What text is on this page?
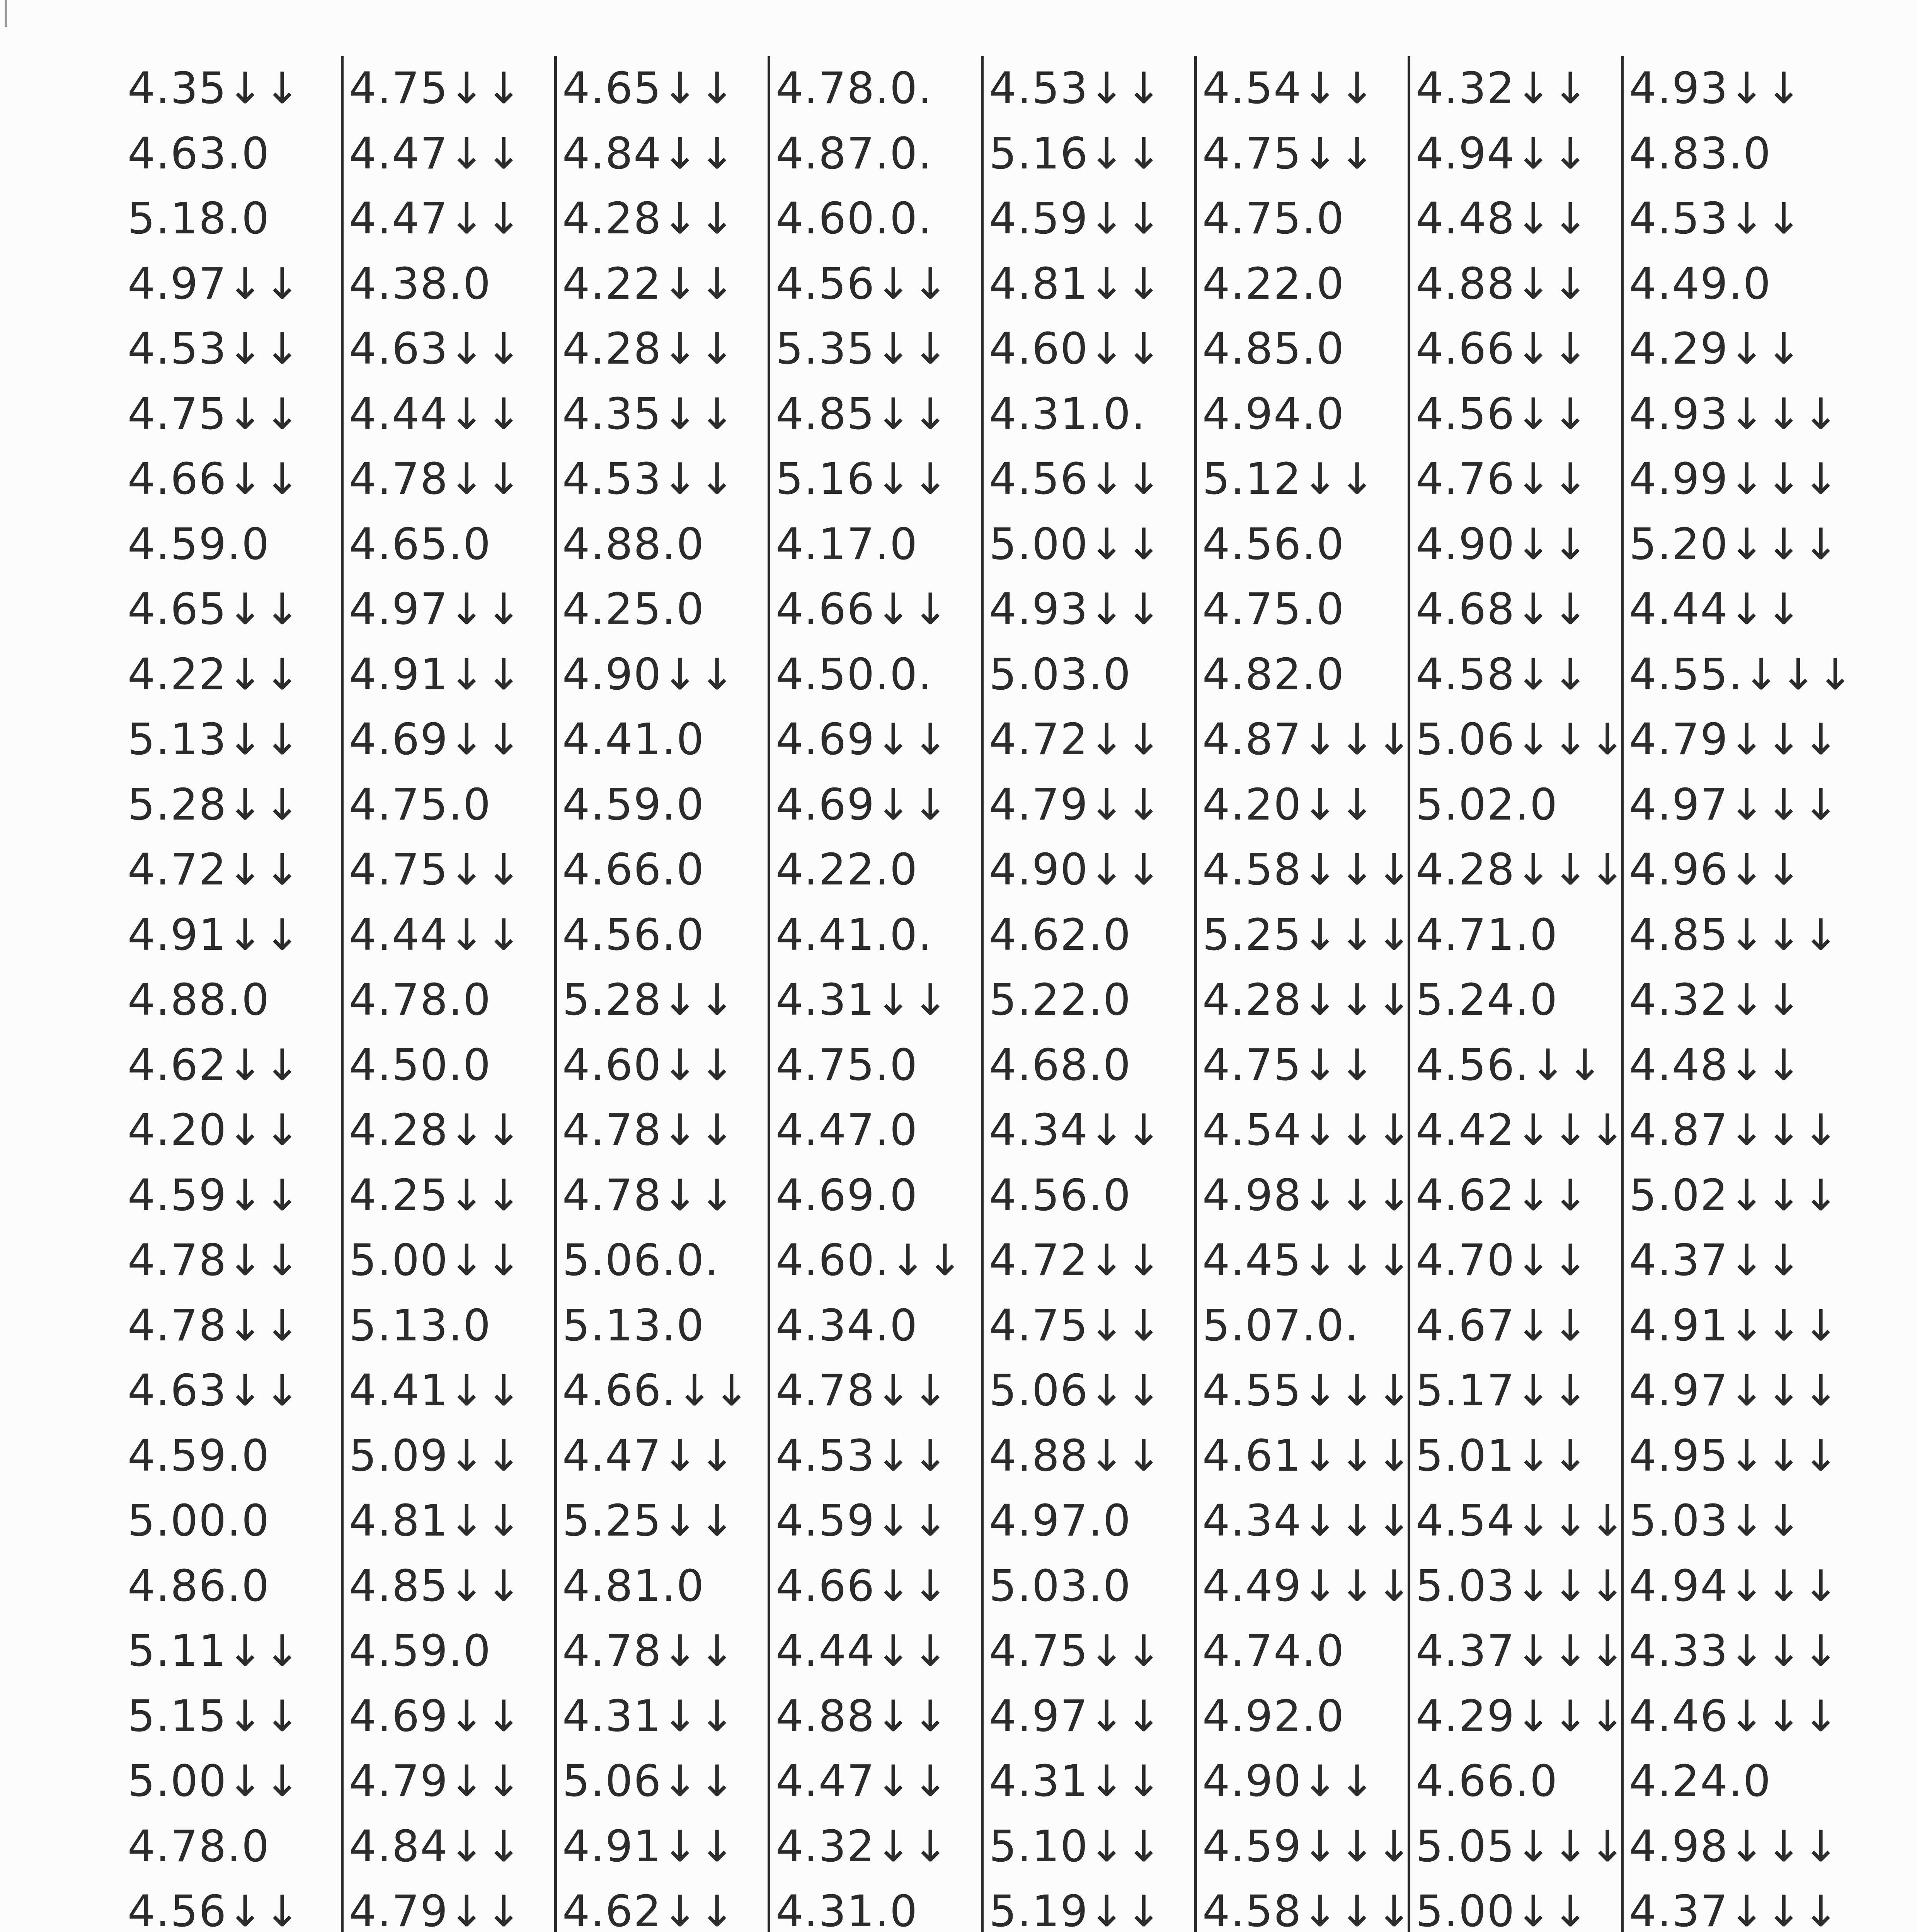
4.35↓↓
4.63.0
5.18.0
4.97↓↓
4.53↓↓
4.75↓↓
4.66↓↓
4.59.0
4.65↓↓
4.22↓↓
5.13↓↓
5.28↓↓
4.72↓↓
4.91↓↓
4.88.0
4.62↓↓
4.20↓↓
4.59↓↓
4.78↓↓
4.78↓↓
4.63↓↓
4.59.0
5.00.0
4.86.0
5.11↓↓
5.15↓↓
5.00↓↓
4.78.0
4.56↓↓
4.75↓↓
4.47↓↓
4.47↓↓
4.38.0
4.63↓↓
4.44↓↓
4.78↓↓
4.65.0
4.97↓↓
4.91↓↓
4.69↓↓
4.75.0
4.75↓↓
4.44↓↓
4.78.0
4.50.0
4.28↓↓
4.25↓↓
5.00↓↓
5.13.0
4.41↓↓
5.09↓↓
4.81↓↓
4.85↓↓
4.59.0
4.69↓↓
4.79↓↓
4.84↓↓
4.79↓↓
4.65↓↓
4.84↓↓
4.28↓↓
4.22↓↓
4.28↓↓
4.35↓↓
4.53↓↓
4.88.0
4.25.0
4.90↓↓
4.41.0
4.59.0
4.66.0
4.56.0
5.28↓↓
4.60↓↓
4.78↓↓
4.78↓↓
5.06.0.
5.13.0
4.66.↓↓
4.47↓↓
5.25↓↓
4.81.0
4.78↓↓
4.31↓↓
5.06↓↓
4.91↓↓
4.62↓↓
4.78.0.
4.87.0.
4.60.0.
4.56↓↓
5.35↓↓
4.85↓↓
5.16↓↓
4.17.0
4.66↓↓
4.50.0.
4.69↓↓
4.69↓↓
4.22.0
4.41.0.
4.31↓↓
4.75.0
4.47.0
4.69.0
4.60.↓↓
4.34.0
4.78↓↓
4.53↓↓
4.59↓↓
4.66↓↓
4.44↓↓
4.88↓↓
4.47↓↓
4.32↓↓
4.31.0
4.53↓↓
5.16↓↓
4.59↓↓
4.81↓↓
4.60↓↓
4.31.0.
4.56↓↓
5.00↓↓
4.93↓↓
5.03.0
4.72↓↓
4.79↓↓
4.90↓↓
4.62.0
5.22.0
4.68.0
4.34↓↓
4.56.0
4.72↓↓
4.75↓↓
5.06↓↓
4.88↓↓
4.97.0
5.03.0
4.75↓↓
4.97↓↓
4.31↓↓
5.10↓↓
5.19↓↓
4.54↓↓
4.75↓↓
4.75.0
4.22.0
4.85.0
4.94.0
5.12↓↓
4.56.0
4.75.0
4.82.0
4.87↓↓↓
4.20↓↓
4.58↓↓↓
5.25↓↓↓
4.28↓↓↓
4.75↓↓
4.54↓↓↓
4.98↓↓↓
4.45↓↓↓
5.07.0.
4.55↓↓↓
4.61↓↓↓
4.34↓↓↓
4.49↓↓↓
4.74.0
4.92.0
4.90↓↓
4.59↓↓↓
4.58↓↓↓
4.32↓↓
4.94↓↓
4.48↓↓
4.88↓↓
4.66↓↓
4.56↓↓
4.76↓↓
4.90↓↓
4.68↓↓
4.58↓↓
5.06↓↓↓
5.02.0
4.28↓↓↓
4.71.0
5.24.0
4.56.↓↓
4.42↓↓↓
4.62↓↓
4.70↓↓
4.67↓↓
5.17↓↓
5.01↓↓
4.54↓↓↓
5.03↓↓↓
4.37↓↓↓
4.29↓↓↓
4.66.0
5.05↓↓↓
5.00↓↓
4.93↓↓
4.83.0
4.53↓↓
4.49.0
4.29↓↓
4.93↓↓↓
4.99↓↓↓
5.20↓↓↓
4.44↓↓
4.55.↓↓↓
4.79↓↓↓
4.97↓↓↓
4.96↓↓
4.85↓↓↓
4.32↓↓
4.48↓↓
4.87↓↓↓
5.02↓↓↓
4.37↓↓
4.91↓↓↓
4.97↓↓↓
4.95↓↓↓
5.03↓↓
4.94↓↓↓
4.33↓↓↓
4.46↓↓↓
4.24.0
4.98↓↓↓
4.37↓↓↓
